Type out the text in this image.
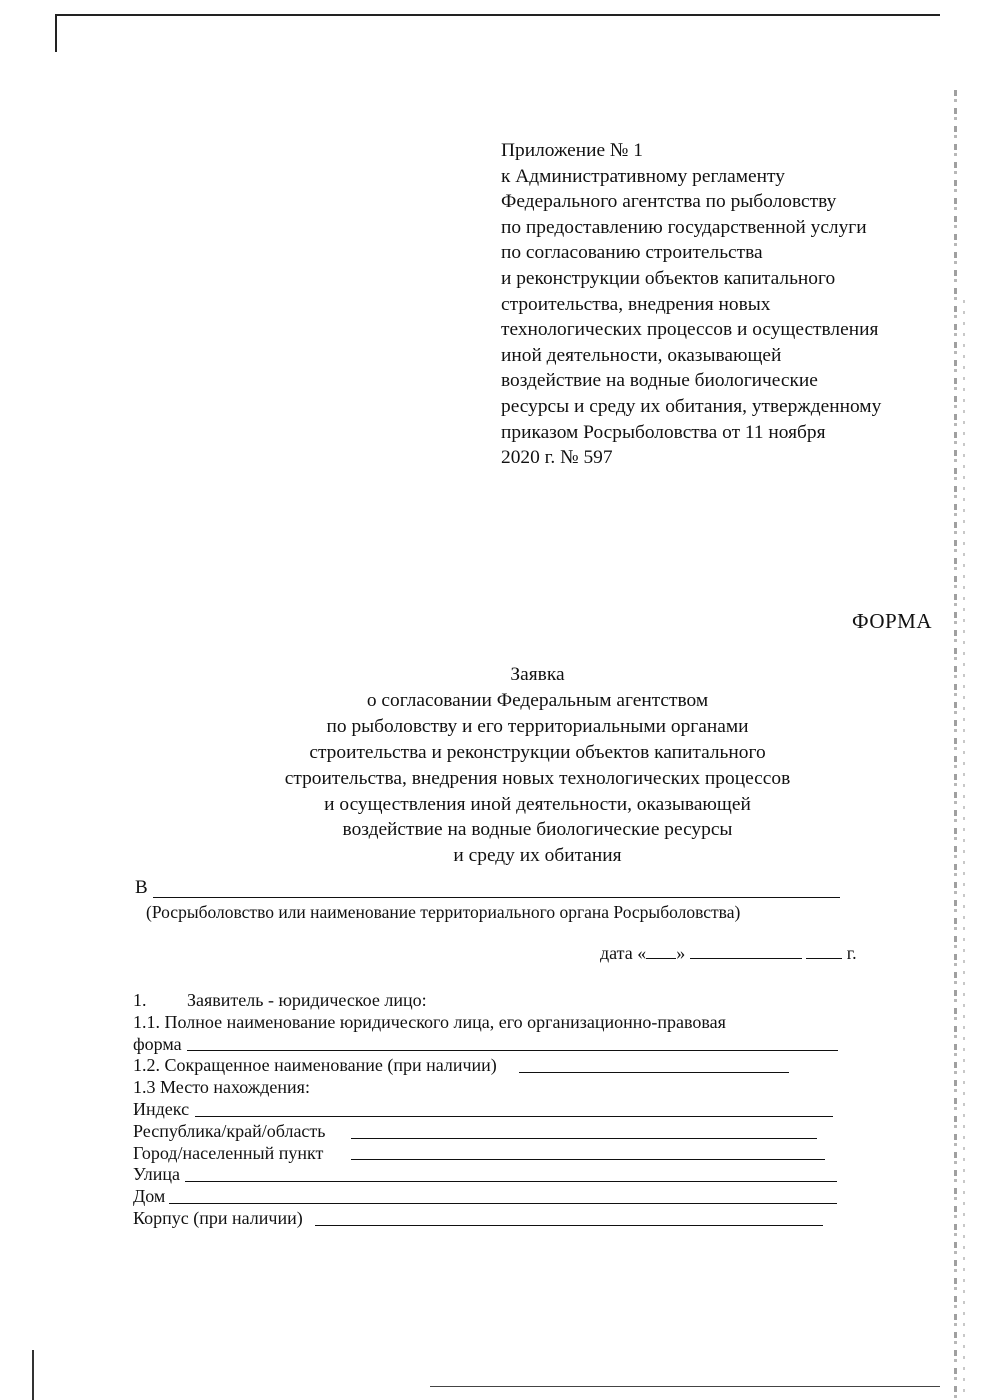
Приложение № 1
к Административному регламенту
Федерального агентства по рыболовству
по предоставлению государственной услуги
по согласованию строительства
и реконструкции объектов капитального
строительства, внедрения новых
технологических процессов и осуществления
иной деятельности, оказывающей
воздействие на водные биологические
ресурсы и среду их обитания, утвержденному
приказом Росрыболовства от 11 ноября
2020 г. № 597
ФОРМА
Заявка
о согласовании Федеральным агентством
по рыболовству и его территориальными органами
строительства и реконструкции объектов капитального
строительства, внедрения новых технологических процессов
и осуществления иной деятельности, оказывающей
воздействие на водные биологические ресурсы
и среду их обитания
В
(Росрыболовство или наименование территориального органа Росрыболовства)
дата « »	г.
1. Заявитель - юридическое лицо:
1.1. Полное наименование юридического лица, его организационно-правовая
форма
1.2. Сокращенное наименование (при наличии)
1.3 Место нахождения:
Индекс
Республика/край/область
Город/населенный пункт
Улица
Дом
Корпус (при наличии)
